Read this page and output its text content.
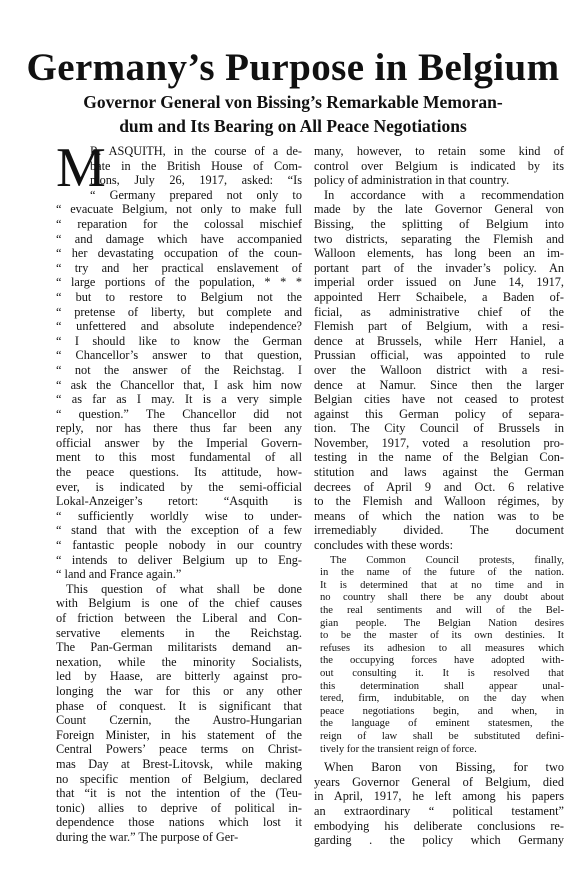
Germany’s Purpose in Belgium
Governor General von Bissing’s Remarkable Memoran-
dum and Its Bearing on All Peace Negotiations
M
R. ASQUITH, in the course of a de-
bate in the British House of Com-
mons, July 26, 1917, asked: “Is
“ Germany prepared not only to
“ evacuate Belgium, not only to make full
“ reparation for the colossal mischief
“ and damage which have accompanied
“ her devastating occupation of the coun-
“ try and her practical enslavement of
“ large portions of the population, * * *
“ but to restore to Belgium not the
“ pretense of liberty, but complete and
“ unfettered and absolute independence?
“ I should like to know the German
“ Chancellor’s answer to that question,
“ not the answer of the Reichstag. I
“ ask the Chancellor that, I ask him now
“ as far as I may. It is a very simple
“ question.” The Chancellor did not
reply, nor has there thus far been any
official answer by the Imperial Govern-
ment to this most fundamental of all
the peace questions. Its attitude, how-
ever, is indicated by the semi-official
Lokal-Anzeiger’s retort: “Asquith is
“ sufficiently worldly wise to under-
“ stand that with the exception of a few
“ fantastic people nobody in our country
“ intends to deliver Belgium up to Eng-
“ land and France again.”
This question of what shall be done
with Belgium is one of the chief causes
of friction between the Liberal and Con-
servative elements in the Reichstag.
The Pan-German militarists demand an-
nexation, while the minority Socialists,
led by Haase, are bitterly against pro-
longing the war for this or any other
phase of conquest. It is significant that
Count Czernin, the Austro-Hungarian
Foreign Minister, in his statement of the
Central Powers’ peace terms on Christ-
mas Day at Brest-Litovsk, while making
no specific mention of Belgium, declared
that “it is not the intention of the (Teu-
tonic) allies to deprive of political in-
dependence those nations which lost it
during the war.” The purpose of Ger-
many, however, to retain some kind of
control over Belgium is indicated by its
policy of administration in that country.
In accordance with a recommendation
made by the late Governor General von
Bissing, the splitting of Belgium into
two districts, separating the Flemish and
Walloon elements, has long been an im-
portant part of the invader’s policy. An
imperial order issued on June 14, 1917,
appointed Herr Schaibele, a Baden of-
ficial, as administrative chief of the
Flemish part of Belgium, with a resi-
dence at Brussels, while Herr Haniel, a
Prussian official, was appointed to rule
over the Walloon district with a resi-
dence at Namur. Since then the larger
Belgian cities have not ceased to protest
against this German policy of separa-
tion. The City Council of Brussels in
November, 1917, voted a resolution pro-
testing in the name of the Belgian Con-
stitution and laws against the German
decrees of April 9 and Oct. 6 relative
to the Flemish and Walloon régimes, by
means of which the nation was to be
irremediably divided. The document
concludes with these words:
The Common Council protests, finally,
in the name of the future of the nation.
It is determined that at no time and in
no country shall there be any doubt about
the real sentiments and will of the Bel-
gian people. The Belgian Nation desires
to be the master of its own destinies. It
refuses its adhesion to all measures which
the occupying forces have adopted with-
out consulting it. It is resolved that
this determination shall appear unal-
tered, firm, indubitable, on the day when
peace negotiations begin, and when, in
the language of eminent statesmen, the
reign of law shall be substituted defini-
tively for the transient reign of force.
When Baron von Bissing, for two
years Governor General of Belgium, died
in April, 1917, he left among his papers
an extraordinary “ political testament”
embodying his deliberate conclusions re-
garding . the policy which Germany
